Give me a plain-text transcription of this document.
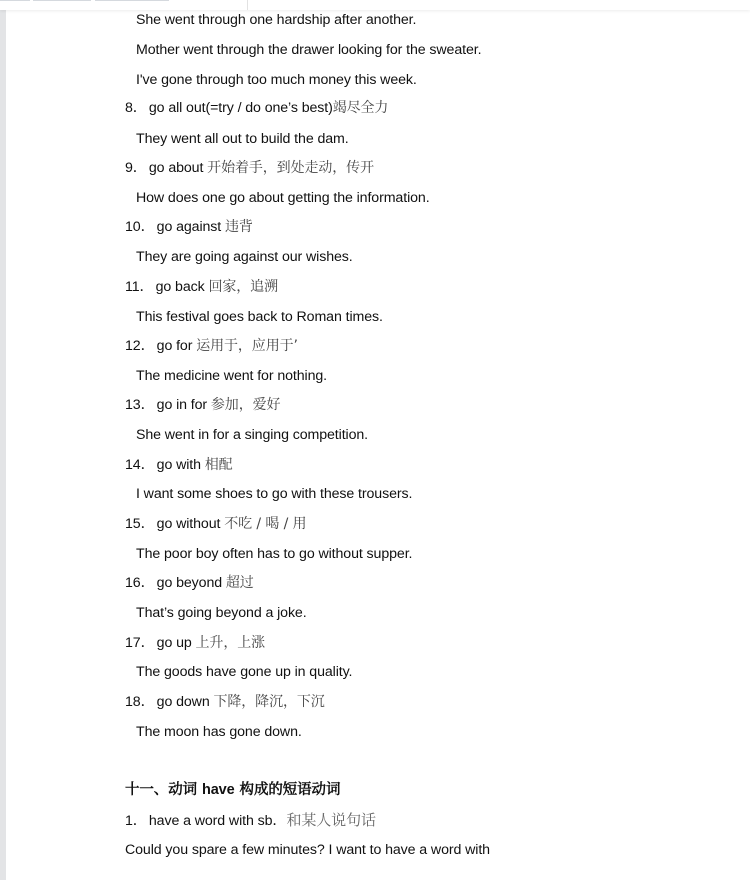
She went through one hardship after another.
Mother went through the drawer looking for the sweater.
I've gone through too much money this week.
8． go all out(=try / do one’s best)竭尽全力
They went all out to build the dam.
9． go about 开始着手，到处走动，传开
How does one go about getting the information.
10． go against 违背
They are going against our wishes.
11． go back 回家，追溯
This festival goes back to Roman times.
12． go for 运用于，应用于’
The medicine went for nothing.
13． go in for 参加，爱好
She went in for a singing competition.
14． go with 相配
I want some shoes to go with these trousers.
15． go without 不吃 / 喝 / 用
The poor boy often has to go without supper.
16． go beyond 超过
That’s going beyond a joke.
17． go up 上升，上涨
The goods have gone up in quality.
18． go down 下降，降沉，下沉
The moon has gone down.
十一、动词 have 构成的短语动词
1． have a word with sb．和某人说句话
Could you spare a few minutes? I want to have a word with
